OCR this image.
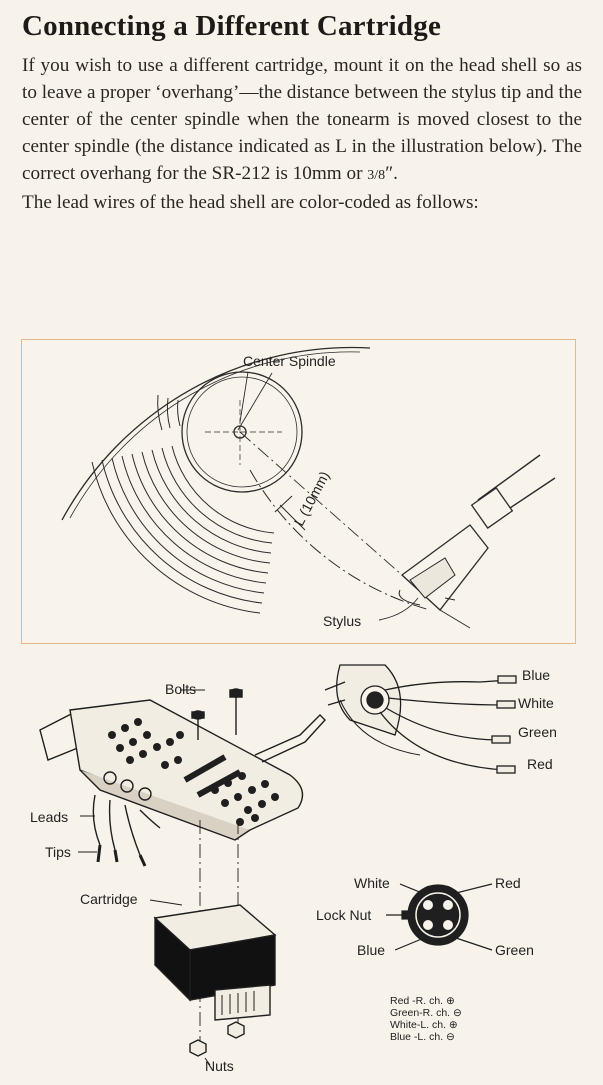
Connecting a Different Cartridge

If you wish to use a different cartridge, mount it on the head shell so as to leave a proper ‘overhang’—the distance between the stylus tip and the center of the center spindle when the tonearm is moved closest to the center spindle (the distance indicated as L in the illustration below). The correct overhang for the SR-212 is 10mm or 3/8″.

The lead wires of the head shell are color-coded as follows:

Center Spindle
L (10mm)
Stylus
Bolts
Leads
Tips
Cartridge
Nuts
Blue
White
Green
Red
White	Red
Lock Nut
Blue	Green
Red -R. ch. ⊕
Green-R. ch. ⊖
White-L. ch. ⊕
Blue -L. ch. ⊖
